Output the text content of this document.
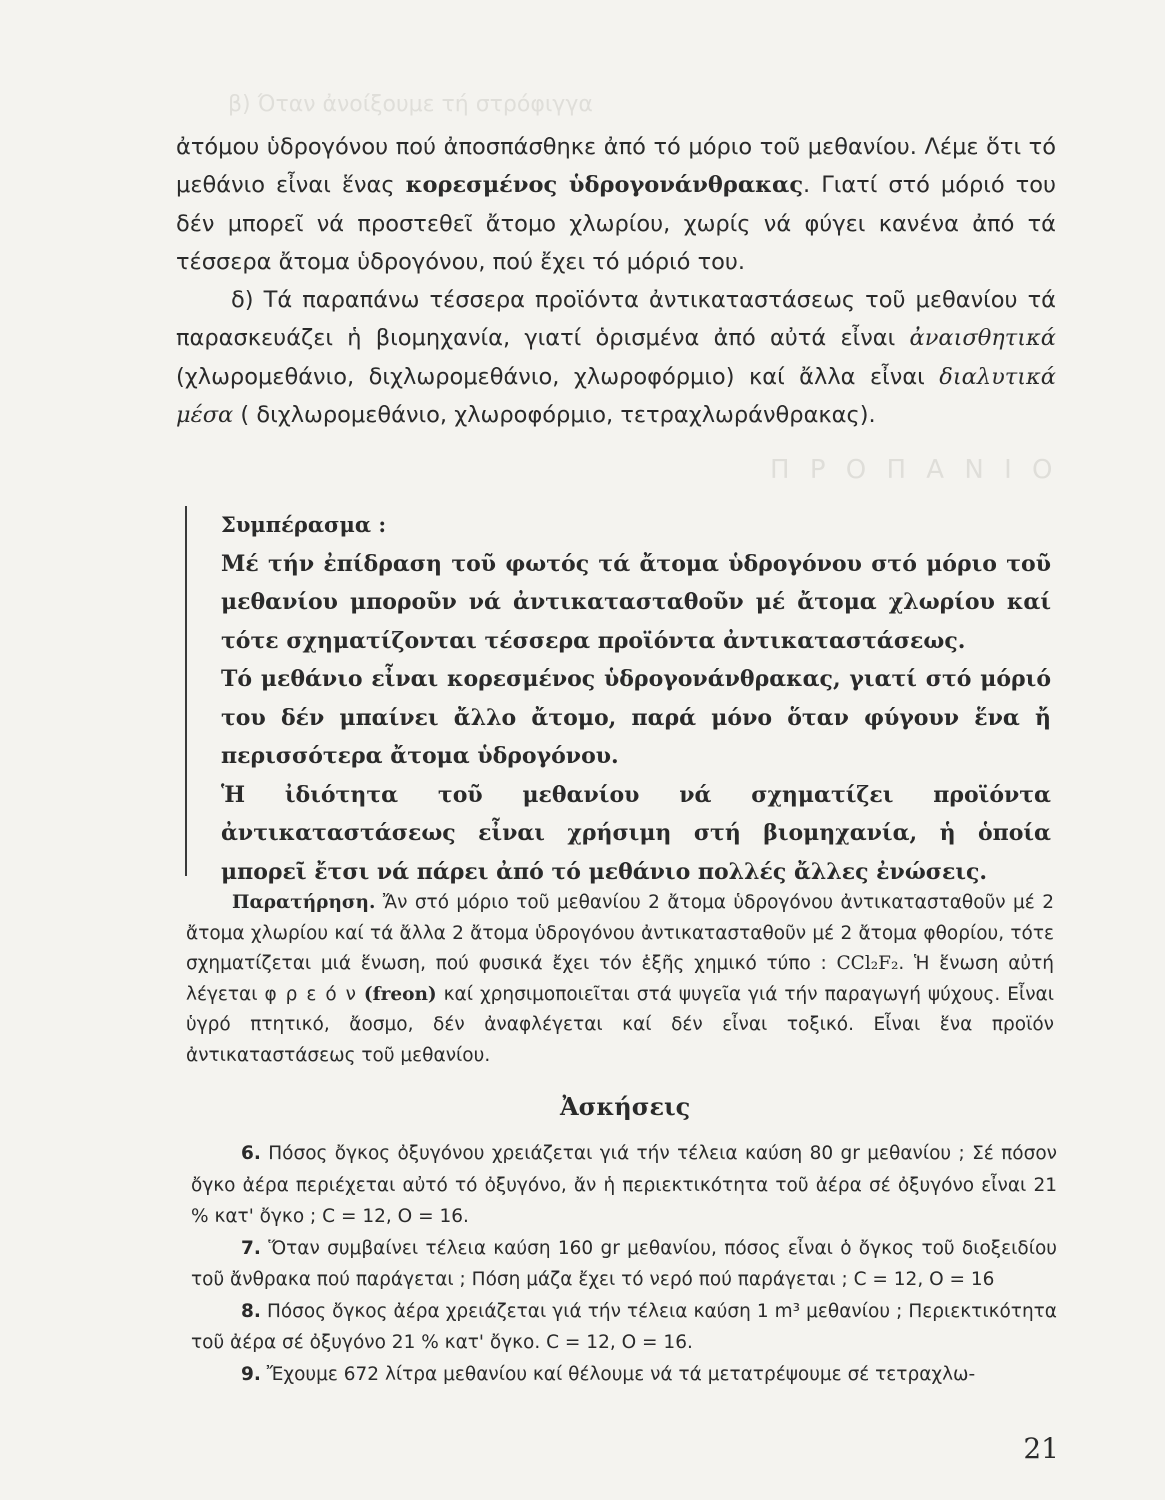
β) Όταν ἀνοίξουμε τή στρόφιγγα
Π Ρ Ο Π Α Ν Ι Ο

ἀτόμου ὑδρογόνου πού ἀποσπάσθηκε ἀπό τό μόριο τοῦ μεθανίου. Λέμε ὅτι τό μεθάνιο εἶναι ἕνας κορεσμένος ὑδρογονάνθρακας. Γιατί στό μόριό του δέν μπορεῖ νά προστεθεῖ ἄτομο χλωρίου, χωρίς νά φύγει κανένα ἀπό τά τέσσερα ἄτομα ὑδρογόνου, πού ἔχει τό μόριό του.

δ) Τά παραπάνω τέσσερα προϊόντα ἀντικαταστάσεως τοῦ μεθανίου τά παρασκευάζει ἡ βιομηχανία, γιατί ὁρισμένα ἀπό αὐτά εἶναι ἀναισθητικά (χλωρομεθάνιο, διχλωρομεθάνιο, χλωροφόρμιο) καί ἄλλα εἶναι διαλυτικά μέσα ( διχλωρομεθάνιο, χλωροφόρμιο, τετραχλωράνθρακας).

Συμπέρασμα :

Μέ τήν ἐπίδραση τοῦ φωτός τά ἄτομα ὑδρογόνου στό μόριο τοῦ μεθανίου μποροῦν νά ἀντικατασταθοῦν μέ ἄτομα χλωρίου καί τότε σχηματίζονται τέσσερα προϊόντα ἀντικαταστάσεως.

Τό μεθάνιο εἶναι κορεσμένος ὑδρογονάνθρακας, γιατί στό μόριό του δέν μπαίνει ἄλλο ἄτομο, παρά μόνο ὅταν φύγουν ἕνα ἤ περισσότερα ἄτομα ὑδρογόνου.

Ἡ ἰδιότητα τοῦ μεθανίου νά σχηματίζει προϊόντα ἀντικαταστάσεως εἶναι χρήσιμη στή βιομηχανία, ἡ ὁποία μπορεῖ ἔτσι νά πάρει ἀπό τό μεθάνιο πολλές ἄλλες ἐνώσεις.

Παρατήρηση. Ἄν στό μόριο τοῦ μεθανίου 2 ἄτομα ὑδρογόνου ἀντικατασταθοῦν μέ 2 ἄτομα χλωρίου καί τά ἄλλα 2 ἄτομα ὑδρογόνου ἀντικατασταθοῦν μέ 2 ἄτομα φθορίου, τότε σχηματίζεται μιά ἕνωση, πού φυσικά ἔχει τόν ἑξῆς χημικό τύπο : CCl₂F₂. Ἡ ἕνωση αὐτή λέγεται φ ρ ε ό ν (freon) καί χρησιμοποιεῖται στά ψυγεῖα γιά τήν παραγωγή ψύχους. Εἶναι ὑγρό πτητικό, ἄοσμο, δέν ἀναφλέγεται καί δέν εἶναι τοξικό. Εἶναι ἕνα προϊόν ἀντικαταστάσεως τοῦ μεθανίου.

Ἀσκήσεις

6. Πόσος ὄγκος ὀξυγόνου χρειάζεται γιά τήν τέλεια καύση 80 gr μεθανίου ; Σέ πόσον ὄγκο ἀέρα περιέχεται αὐτό τό ὀξυγόνο, ἄν ἡ περιεκτικότητα τοῦ ἀέρα σέ ὀξυγόνο εἶναι 21 % κατ' ὄγκο ; C = 12, O = 16.

7. Ὅταν συμβαίνει τέλεια καύση 160 gr μεθανίου, πόσος εἶναι ὁ ὄγκος τοῦ διοξειδίου τοῦ ἄνθρακα πού παράγεται ; Πόση μάζα ἔχει τό νερό πού παράγεται ; C = 12, O = 16

8. Πόσος ὄγκος ἀέρα χρειάζεται γιά τήν τέλεια καύση 1 m³ μεθανίου ; Περιεκτικότητα τοῦ ἀέρα σέ ὀξυγόνο 21 % κατ' ὄγκο. C = 12, O = 16.

9. Ἔχουμε 672 λίτρα μεθανίου καί θέλουμε νά τά μετατρέψουμε σέ τετραχλω-

21
